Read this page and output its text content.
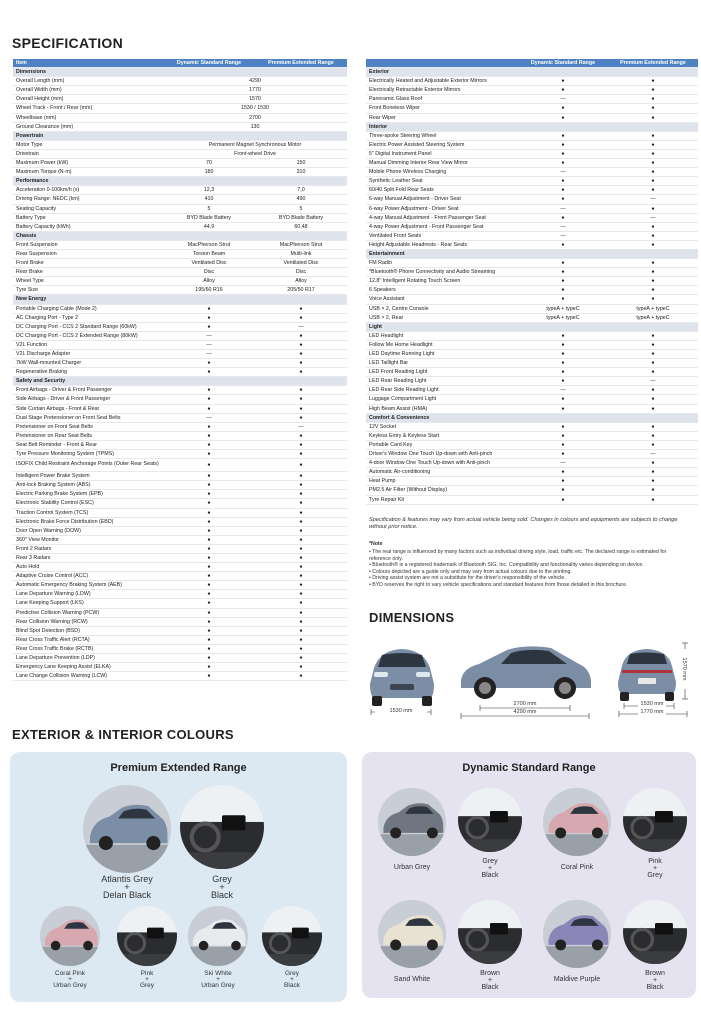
SPECIFICATION
Item	Dynamic Standard Range	Premium Extended Range
Dimensions		
Overall Length (mm)	4290	
Overall Width (mm)	1770	
Overall Height (mm)	1570	
Wheel Track - Front / Rear (mm)	1530 / 1530	
Wheelbase (mm)	2700	
Ground Clearance (mm)	130	
Powertrain		
Motor Type	Permanent Magnet Synchronous Motor	
Drivetrain	Front-wheel Drive	
Maximum Power (kW)	70	150
Maximum Torque (N·m)	180	310
Performance		
Acceleration 0-100km/h (s)	12,3	7,0
Driving Range: NEDC (km)	410	490
Seating Capacity	5	5
Battery Type	BYD Blade Battery	BYD Blade Battery
Battery Capacity (kWh)	44,9	60,48
Chassis		
Front Suspension	MacPherson Strut	MacPherson Strut
Rear Suspension	Torsion Beam	Multi-link
Front Brake	Ventilated Disc	Ventilated Disc
Rear Brake	Disc	Disc
Wheel Type	Alloy	Alloy
Tyre Size	195/60 R16	205/50 R17
New Energy		
Portable Charging Cable (Mode 2)	●	●
AC Charging Port - Type 2	●	●
DC Charging Port - CCS 2 Standard Range (60kW)	●	—
DC Charging Port - CCS 2 Extended Range (80kW)	—	●
V2L Function	—	●
V2L Discharge Adapter	—	●
7kW Wall-mounted Charger	●	●
Regenerative Braking	●	●
Safety and Security		
Front Airbags - Driver & Front Passenger	●	●
Side Airbags - Driver & Front Passenger	●	●
Side Curtain Airbags - Front & Rear	●	●
Dual Stage Pretensioner on Front Seat Belts	—	●
Pretensioner on Front Seat Belts	●	—
Pretensioner on Rear Seat Belts	●	●
Seat Belt Reminder - Front & Rear	●	●
Tyre Pressure Monitoring System (TPMS)	●	●
ISOFIX Child Restraint Anchorage Points (Outer Rear Seats)	●	●
Intelligent Power Brake System	●	●
Anti-lock Braking System (ABS)	●	●
Electric Parking Brake System (EPB)	●	●
Electronic Stability Control (ESC)	●	●
Traction Control System (TCS)	●	●
Electronic Brake Force Distribution (EBD)	●	●
Door Open Warning (DOW)	●	●
360° View Monitor	●	●
Front 2 Radars	●	●
Rear 3 Radars	●	●
Auto Hold	●	●
Adaptive Cruise Control (ACC)	●	●
Automatic Emergency Braking System (AEB)	●	●
Lane Departure Warning (LDW)	●	●
Lane Keeping Support (LKS)	●	●
Predictive Collision Warning (PCW)	●	●
Rear Collision Warning (RCW)	●	●
Blind Spot Detection (BSD)	●	●
Rear Cross Traffic Alert (RCTA)	●	●
Rear Cross Traffic Brake (RCTB)	●	●
Lane Departure Prevention (LDP)	●	●
Emergency Lane Keeping Assist (ELKA)	●	●
Lane Change Collision Warning (LCW)	●	●
	Dynamic Standard Range	Premium Extended Range
Exterior		
Electrically Heated and Adjustable Exterior Mirrors	●	●
Electrically Retractable Exterior Mirrors	●	●
Panoramic Glass Roof	—	●
Front Boneless Wiper	●	●
Rear Wiper	●	●
Interior		
Three-spoke Steering Wheel	●	●
Electric Power Assisted Steering System	●	●
5" Digital Instrument Panel	●	●
Manual Dimming Interior Rear View Mirror	●	●
Mobile Phone Wireless Charging	—	●
Synthetic Leather Seat	●	●
60/40 Split Fold Rear Seats	●	●
6-way Manual Adjustment - Driver Seat	●	—
6-way Power Adjustment - Driver Seat	—	●
4-way Manual Adjustment - Front Passenger Seat	●	—
4-way Power Adjustment - Front Passenger Seat	—	●
Ventilated Front Seats	—	●
Height Adjustable Headrests - Rear Seats	●	●
Entertainment		
FM Radio	●	●
*Bluetooth® Phone Connectivity and Audio Streaming	●	●
12.8" Intelligent Rotating Touch Screen	●	●
6 Speakers	●	●
Voice Assistant	●	●
USB × 2, Centre Console	typeA + typeC	typeA + typeC
USB × 2, Rear	typeA + typeC	typeA + typeC
Light		
LED Headlight	●	●
Follow Me Home Headlight	●	●
LED Daytime Running Light	●	●
LED Taillight Bar	●	●
LED Front Reading Light	●	●
LED Rear Reading Light	●	—
LED Rear Side Reading Light	—	●
Luggage Compartment Light	●	●
High Beam Assist (HMA)	●	●
Comfort & Convenience		
12V Socket	●	●
Keyless Entry & Keyless Start	●	●
Portable Card Key	●	●
Driver's Window One Touch Up-down with Anti-pinch	●	—
4-door Window One Touch Up-down with Anti-pinch	—	●
Automatic Air-conditioning	●	●
Heat Pump	●	●
PM2.5 Air Filter (Without Display)	●	●
Tyre Repair Kit	●	●
Specification & features may vary from actual vehicle being sold. Changes in colours and equipments are subjects to change without prior notice.
*Note
• The real range is influenced by many factors such as individual driving style, load, traffic etc. The declared range is estimated for reference only.
• Bluetooth® is a registered trademark of Bluetooth SIG, Inc. Compatibility and functionality varies depending on device.
• Colours depicted are a guide only and may vary from actual colours due to the printing.
• Driving assist system are not a substitute for the driver's responsibility of the vehicle.
• BYD reserves the right to vary vehicle specifications and standard features from those detailed in this brochure.
DIMENSIONS
1530 mm
2700 mm
4290 mm
1570 mm
1530 mm
1770 mm
EXTERIOR & INTERIOR COLOURS
Premium Extended Range	Dynamic Standard Range
Atlantis Grey
+
Delan Black
Grey
+
Black
Coral Pink
+
Urban Grey
Pink
+
Grey
Ski White
+
Urban Grey
Grey
+
Black
Urban Grey
Grey
+
Black
Coral Pink
Pink
+
Grey
Sand White
Brown
+
Black
Maldive Purple
Brown
+
Black
